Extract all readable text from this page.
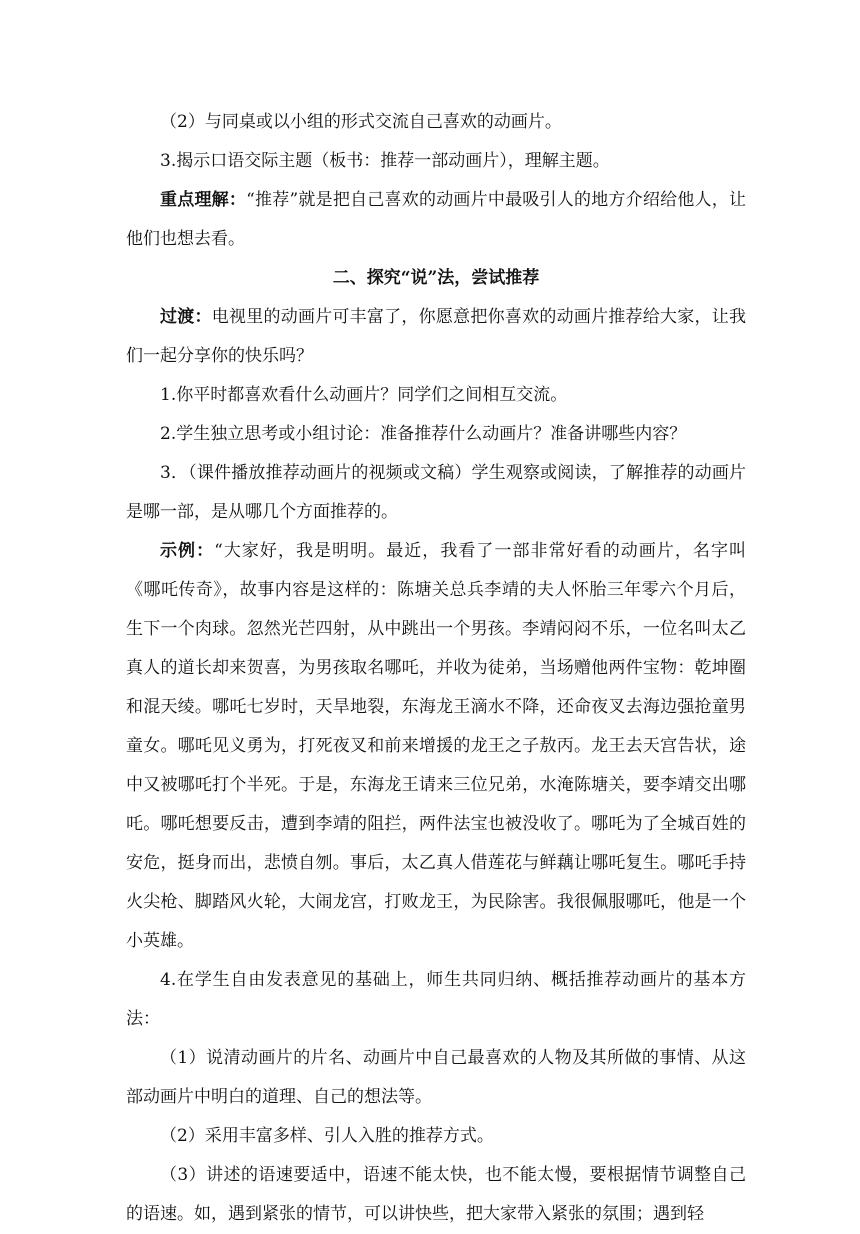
（2）与同桌或以小组的形式交流自己喜欢的动画片。

3.揭示口语交际主题（板书：推荐一部动画片），理解主题。

重点理解：“推荐”就是把自己喜欢的动画片中最吸引人的地方介绍给他人，让他们也想去看。

二、探究“说”法，尝试推荐

过渡：电视里的动画片可丰富了，你愿意把你喜欢的动画片推荐给大家，让我们一起分享你的快乐吗？

1.你平时都喜欢看什么动画片？同学们之间相互交流。

2.学生独立思考或小组讨论：准备推荐什么动画片？准备讲哪些内容？

3．（课件播放推荐动画片的视频或文稿）学生观察或阅读，了解推荐的动画片是哪一部，是从哪几个方面推荐的。

示例：“大家好，我是明明。最近，我看了一部非常好看的动画片，名字叫《哪吒传奇》，故事内容是这样的：陈塘关总兵李靖的夫人怀胎三年零六个月后，生下一个肉球。忽然光芒四射，从中跳出一个男孩。李靖闷闷不乐，一位名叫太乙真人的道长却来贺喜，为男孩取名哪吒，并收为徒弟，当场赠他两件宝物：乾坤圈和混天绫。哪吒七岁时，天旱地裂，东海龙王滴水不降，还命夜叉去海边强抢童男童女。哪吒见义勇为，打死夜叉和前来增援的龙王之子敖丙。龙王去天宫告状，途中又被哪吒打个半死。于是，东海龙王请来三位兄弟，水淹陈塘关，要李靖交出哪吒。哪吒想要反击，遭到李靖的阻拦，两件法宝也被没收了。哪吒为了全城百姓的安危，挺身而出，悲愤自刎。事后，太乙真人借莲花与鲜藕让哪吒复生。哪吒手持火尖枪、脚踏风火轮，大闹龙宫，打败龙王，为民除害。我很佩服哪吒，他是一个小英雄。

4.在学生自由发表意见的基础上，师生共同归纳、概括推荐动画片的基本方法：

（1）说清动画片的片名、动画片中自己最喜欢的人物及其所做的事情、从这部动画片中明白的道理、自己的想法等。

（2）采用丰富多样、引人入胜的推荐方式。

（3）讲述的语速要适中，语速不能太快，也不能太慢，要根据情节调整自己的语速。如，遇到紧张的情节，可以讲快些，把大家带入紧张的氛围；遇到轻
